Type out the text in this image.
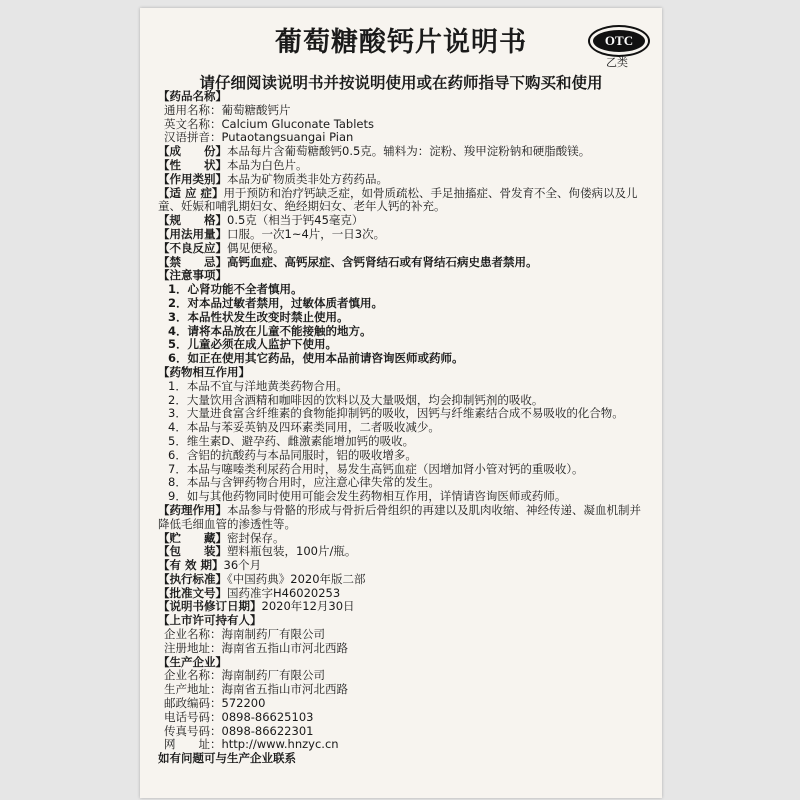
葡萄糖酸钙片说明书	OTC
乙类
请仔细阅读说明书并按说明使用或在药师指导下购买和使用
【药品名称】
通用名称：葡萄糖酸钙片
英文名称：Calcium Gluconate Tablets
汉语拼音：Putaotangsuangai Pian
【成　　份】本品每片含葡萄糖酸钙0.5克。辅料为：淀粉、羧甲淀粉钠和硬脂酸镁。
【性　　状】本品为白色片。
【作用类别】本品为矿物质类非处方药药品。
【适 应 症】用于预防和治疗钙缺乏症，如骨质疏松、手足抽搐症、骨发育不全、佝偻病以及儿童、妊娠和哺乳期妇女、绝经期妇女、老年人钙的补充。
【规　　格】0.5克（相当于钙45毫克）
【用法用量】口服。一次1~4片，一日3次。
【不良反应】偶见便秘。
【禁　　忌】高钙血症、高钙尿症、含钙肾结石或有肾结石病史患者禁用。
【注意事项】
1．心肾功能不全者慎用。
2．对本品过敏者禁用，过敏体质者慎用。
3．本品性状发生改变时禁止使用。
4．请将本品放在儿童不能接触的地方。
5．儿童必须在成人监护下使用。
6．如正在使用其它药品，使用本品前请咨询医师或药师。
【药物相互作用】
1．本品不宜与洋地黄类药物合用。
2．大量饮用含酒精和咖啡因的饮料以及大量吸烟，均会抑制钙剂的吸收。
3．大量进食富含纤维素的食物能抑制钙的吸收，因钙与纤维素结合成不易吸收的化合物。
4．本品与苯妥英钠及四环素类同用，二者吸收减少。
5．维生素D、避孕药、雌激素能增加钙的吸收。
6．含铝的抗酸药与本品同服时，铝的吸收增多。
7．本品与噻嗪类利尿药合用时，易发生高钙血症（因增加肾小管对钙的重吸收）。
8．本品与含钾药物合用时，应注意心律失常的发生。
9．如与其他药物同时使用可能会发生药物相互作用，详情请咨询医师或药师。
【药理作用】本品参与骨骼的形成与骨折后骨组织的再建以及肌肉收缩、神经传递、凝血机制并降低毛细血管的渗透性等。
【贮　　藏】密封保存。
【包　　装】塑料瓶包装，100片/瓶。
【有 效 期】36个月
【执行标准】《中国药典》2020年版二部
【批准文号】国药准字H46020253
【说明书修订日期】2020年12月30日
【上市许可持有人】
企业名称：海南制药厂有限公司
注册地址：海南省五指山市河北西路
【生产企业】
企业名称：海南制药厂有限公司
生产地址：海南省五指山市河北西路
邮政编码：572200
电话号码：0898-86625103
传真号码：0898-86622301
网　　址：http://www.hnzyc.cn
如有问题可与生产企业联系
